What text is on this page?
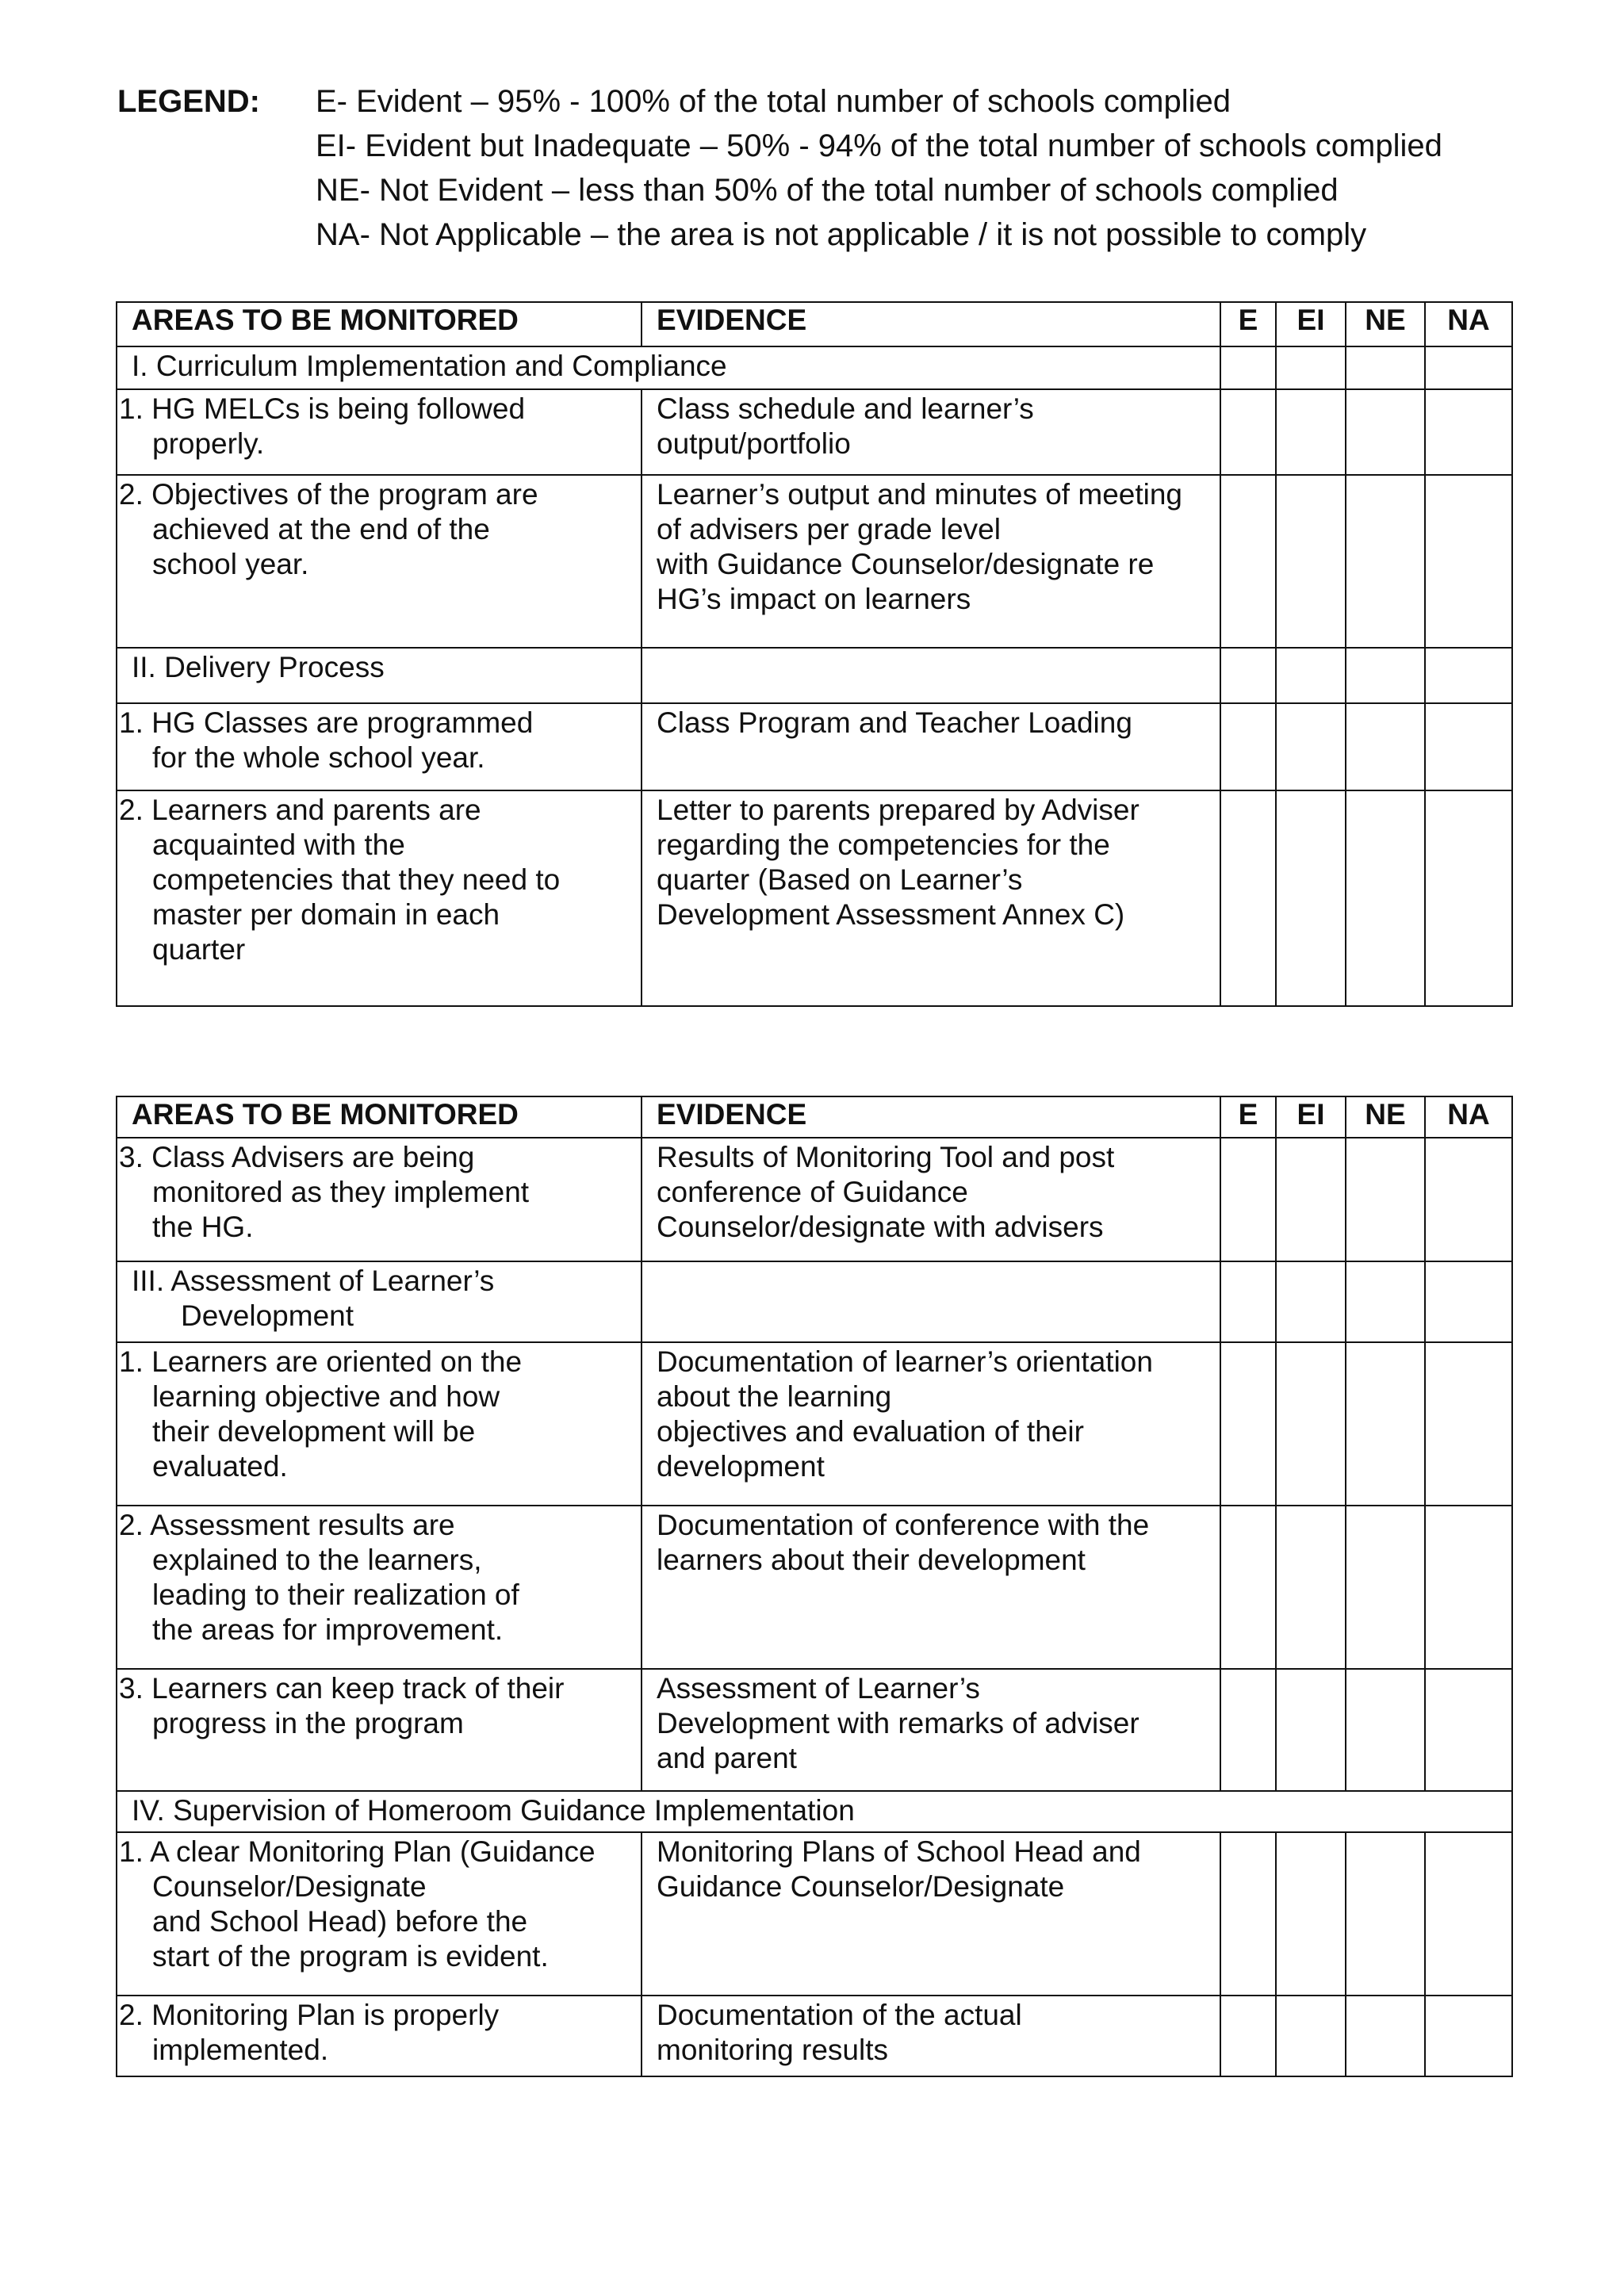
LEGEND: E- Evident – 95% - 100% of the total number of schools complied
EI- Evident but Inadequate – 50% - 94% of the total number of schools complied
NE- Not Evident – less than 50% of the total number of schools complied
NA- Not Applicable – the area is not applicable / it is not possible to comply
AREAS TO BE MONITORED	EVIDENCE	E	EI	NE	NA
I. Curriculum Implementation and Compliance					

1. HG MELCs is being followed
properly.	Class schedule and learner’s
output/portfolio				

2. Objectives of the program are
achieved at the end of the
school year.	Learner’s output and minutes of meeting
of advisers per grade level
with Guidance Counselor/designate re
HG’s impact on learners				

II. Delivery Process					

1. HG Classes are programmed
for the whole school year.	Class Program and Teacher Loading				

2. Learners and parents are
acquainted with the
competencies that they need to
master per domain in each
quarter	Letter to parents prepared by Adviser
regarding the competencies for the
quarter (Based on Learner’s
Development Assessment Annex C)				

AREAS TO BE MONITORED	EVIDENCE	E	EI	NE	NA

3. Class Advisers are being
monitored as they implement
the HG.	Results of Monitoring Tool and post
conference of Guidance
Counselor/designate with advisers				

III. Assessment of Learner’s
Development					

1. Learners are oriented on the
learning objective and how
their development will be
evaluated.	Documentation of learner’s orientation
about the learning
objectives and evaluation of their
development				

2. Assessment results are
explained to the learners,
leading to their realization of
the areas for improvement.	Documentation of conference with the
learners about their development				

3. Learners can keep track of their
progress in the program	Assessment of Learner’s
Development with remarks of adviser
and parent				

IV. Supervision of Homeroom Guidance Implementation					

1. A clear Monitoring Plan (Guidance
Counselor/Designate
and School Head) before the
start of the program is evident.	Monitoring Plans of School Head and
Guidance Counselor/Designate				

2. Monitoring Plan is properly
implemented.	Documentation of the actual
monitoring results				
